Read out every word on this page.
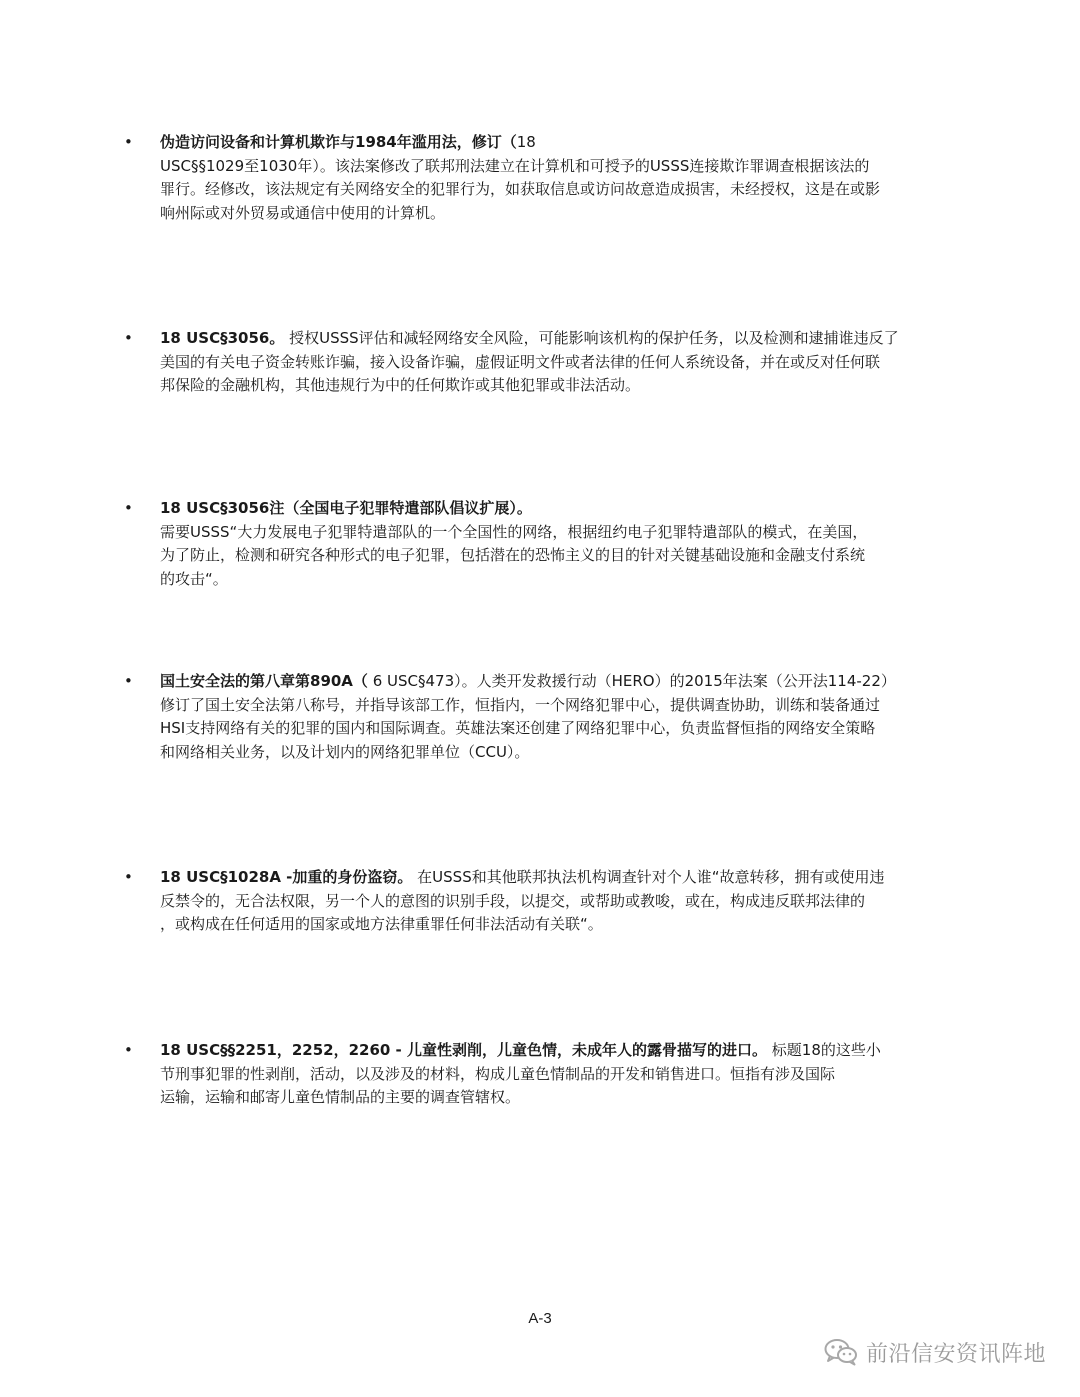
• 伪造访问设备和计算机欺诈与1984年滥用法，修订（18
USC§§1029至1030年）。该法案修改了联邦刑法建立在计算机和可授予的USSS连接欺诈罪调查根据该法的
罪行。经修改，该法规定有关网络安全的犯罪行为，如获取信息或访问故意造成损害，未经授权，这是在或影
响州际或对外贸易或通信中使用的计算机。
• 18 USC§3056。 授权USSS评估和减轻网络安全风险，可能影响该机构的保护任务，以及检测和逮捕谁违反了
美国的有关电子资金转账诈骗，接入设备诈骗，虚假证明文件或者法律的任何人系统设备，并在或反对任何联
邦保险的金融机构，其他违规行为中的任何欺诈或其他犯罪或非法活动。
• 18 USC§3056注（全国电子犯罪特遣部队倡议扩展）。
需要USSS“大力发展电子犯罪特遣部队的一个全国性的网络，根据纽约电子犯罪特遣部队的模式，在美国，
为了防止，检测和研究各种形式的电子犯罪，包括潜在的恐怖主义的目的针对关键基础设施和金融支付系统
的攻击“。
• 国土安全法的第八章第890A（ 6 USC§473）。人类开发救援行动（HERO）的2015年法案（公开法114-22）
修订了国土安全法第八称号，并指导该部工作，恒指内，一个网络犯罪中心，提供调查协助，训练和装备通过
HSI支持网络有关的犯罪的国内和国际调查。英雄法案还创建了网络犯罪中心，负责监督恒指的网络安全策略
和网络相关业务，以及计划内的网络犯罪单位（CCU）。
• 18 USC§1028A -加重的身份盗窃。 在USSS和其他联邦执法机构调查针对个人谁“故意转移，拥有或使用违
反禁令的，无合法权限，另一个人的意图的识别手段，以提交，或帮助或教唆，或在，构成违反联邦法律的
，或构成在任何适用的国家或地方法律重罪任何非法活动有关联“。
• 18 USC§§2251，2252，2260 - 儿童性剥削，儿童色情，未成年人的露骨描写的进口。 标题18的这些小
节刑事犯罪的性剥削，活动，以及涉及的材料，构成儿童色情制品的开发和销售进口。恒指有涉及国际
运输，运输和邮寄儿童色情制品的主要的调查管辖权。
A-3
前沿信安资讯阵地
